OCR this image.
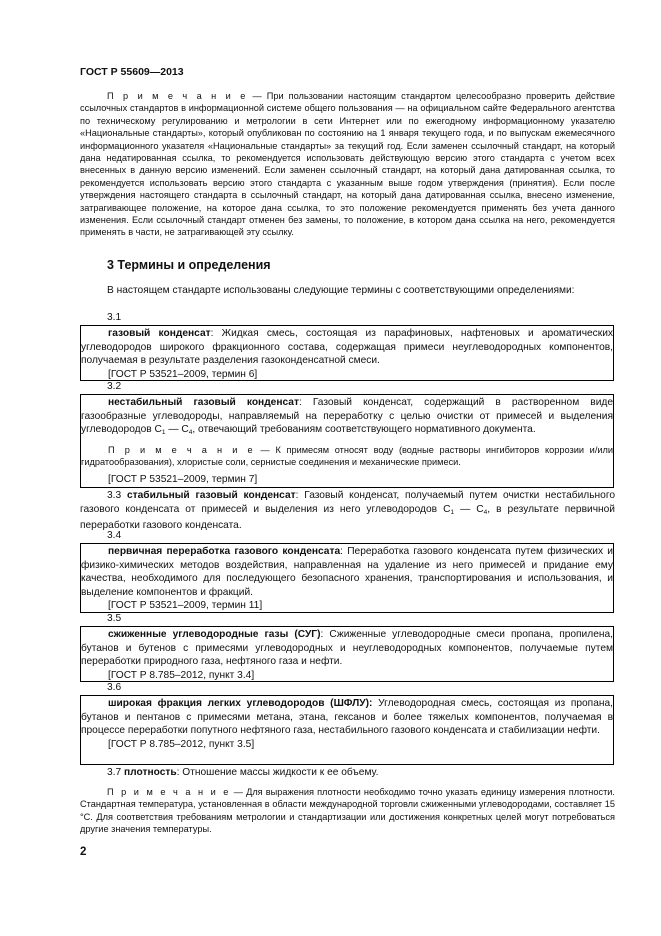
ГОСТ Р 55609—2013

П р и м е ч а н и е — При пользовании настоящим стандартом целесообразно проверить действие ссылочных стандартов в информационной системе общего пользования — на официальном сайте Федерального агентства по техническому регулированию и метрологии в сети Интернет или по ежегодному информационному указателю «Национальные стандарты», который опубликован по состоянию на 1 января текущего года, и по выпускам ежемесячного информационного указателя «Национальные стандарты» за текущий год. Если заменен ссылочный стандарт, на который дана недатированная ссылка, то рекомендуется использовать действующую версию этого стандарта с учетом всех внесенных в данную версию изменений. Если заменен ссылочный стандарт, на который дана датированная ссылка, то рекомендуется использовать версию этого стандарта с указанным выше годом утверждения (принятия). Если после утверждения настоящего стандарта в ссылочный стандарт, на который дана датированная ссылка, внесено изменение, затрагивающее положение, на которое дана ссылка, то это положение рекомендуется применять без учета данного изменения. Если ссылочный стандарт отменен без замены, то положение, в котором дана ссылка на него, рекомендуется применять в части, не затрагивающей эту ссылку.

3 Термины и определения

В настоящем стандарте использованы следующие термины с соответствующими определениями:

3.1

газовый конденсат: Жидкая смесь, состоящая из парафиновых, нафтеновых и ароматических углеводородов широкого фракционного состава, содержащая примеси неуглеводородных компонентов, получаемая в результате разделения газоконденсатной смеси.

[ГОСТ Р 53521–2009, термин 6]

3.2

нестабильный газовый конденсат: Газовый конденсат, содержащий в растворенном виде газообразные углеводороды, направляемый на переработку с целью очистки от примесей и выделения углеводородов $С_1$ — $С_4$, отвечающий требованиям соответствующего нормативного документа.

П р и м е ч а н и е — К примесям относят воду (водные растворы ингибиторов коррозии и/или гидратообразования), хлористые соли, сернистые соединения и механические примеси.

[ГОСТ Р 53521–2009, термин 7]

3.3 стабильный газовый конденсат: Газовый конденсат, получаемый путем очистки нестабильного газового конденсата от примесей и выделения из него углеводородов $С_1$ — $С_4$, в результате первичной переработки газового конденсата.

3.4

первичная переработка газового конденсата: Переработка газового конденсата путем физических и физико-химических методов воздействия, направленная на удаление из него примесей и придание ему качества, необходимого для последующего безопасного хранения, транспортирования и использования, и выделение компонентов и фракций.

[ГОСТ Р 53521–2009, термин 11]

3.5

сжиженные углеводородные газы (СУГ): Сжиженные углеводородные смеси пропана, пропилена, бутанов и бутенов с примесями углеводородных и неуглеводородных компонентов, получаемые путем переработки природного газа, нефтяного газа и нефти.

[ГОСТ Р 8.785–2012, пункт 3.4]

3.6

широкая фракция легких углеводородов (ШФЛУ): Углеводородная смесь, состоящая из пропана, бутанов и пентанов с примесями метана, этана, гексанов и более тяжелых компонентов, получаемая в процессе переработки попутного нефтяного газа, нестабильного газового конденсата и стабилизации нефти.

[ГОСТ Р 8.785–2012, пункт 3.5]

3.7 плотность: Отношение массы жидкости к ее объему.

П р и м е ч а н и е — Для выражения плотности необходимо точно указать единицу измерения плотности. Стандартная температура, установленная в области международной торговли сжиженными углеводородами, составляет 15 °С. Для соответствия требованиям метрологии и стандартизации или достижения конкретных целей могут потребоваться другие значения температуры.

2
